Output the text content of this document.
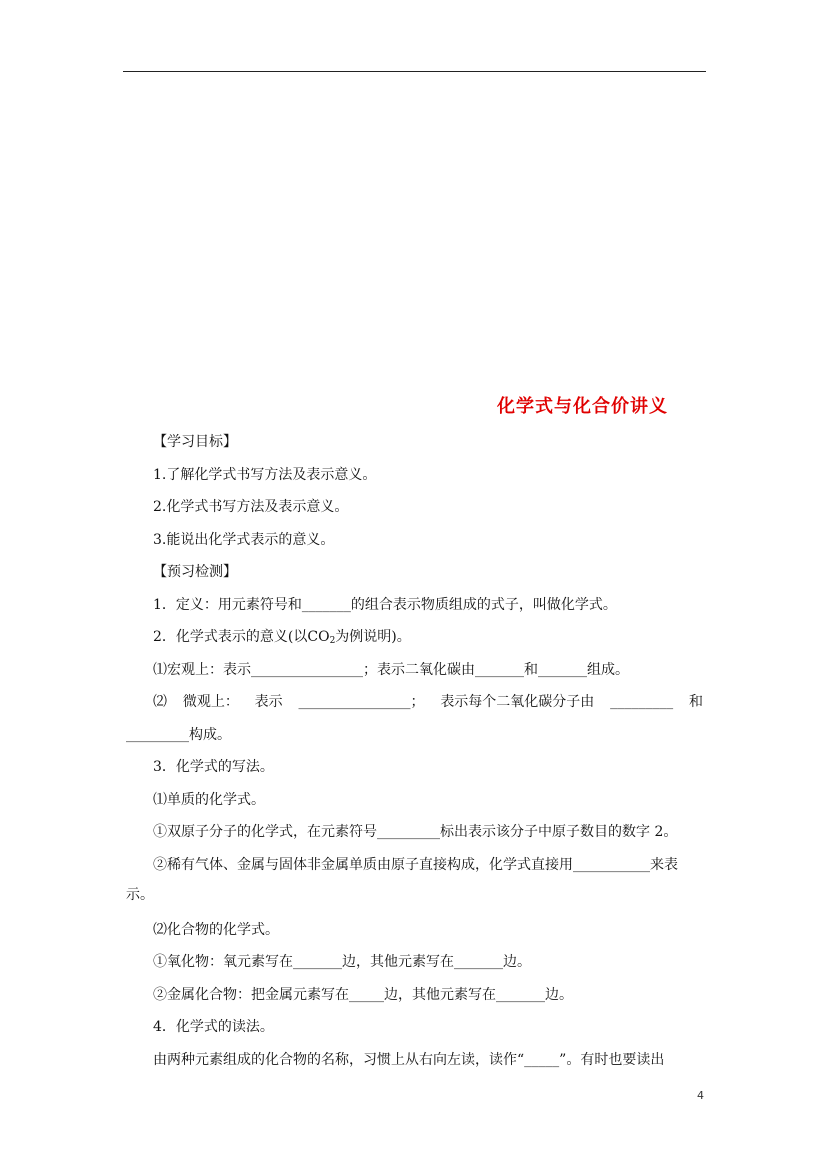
化学式与化合价讲义
【学习目标】
1.了解化学式书写方法及表示意义。
2.化学式书写方法及表示意义。
3.能说出化学式表示的意义。
【预习检测】
1．定义：用元素符号和_______的组合表示物质组成的式子，叫做化学式。
2．化学式表示的意义(以$CO_2$为例说明)。
⑴宏观上：表示________________；表示二氧化碳由_______和_______组成。
⑵ 微观上： 表示 ________________； 表示每个二氧化碳分子由 _________ 和
_________构成。
3．化学式的写法。
⑴单质的化学式。
①双原子分子的化学式，在元素符号_________标出表示该分子中原子数目的数字 2。
②稀有气体、金属与固体非金属单质由原子直接构成，化学式直接用___________来表
示。
⑵化合物的化学式。
①氧化物：氧元素写在_______边，其他元素写在_______边。
②金属化合物：把金属元素写在_____边，其他元素写在_______边。
4．化学式的读法。
由两种元素组成的化合物的名称，习惯上从右向左读，读作“_____”。有时也要读出
4
